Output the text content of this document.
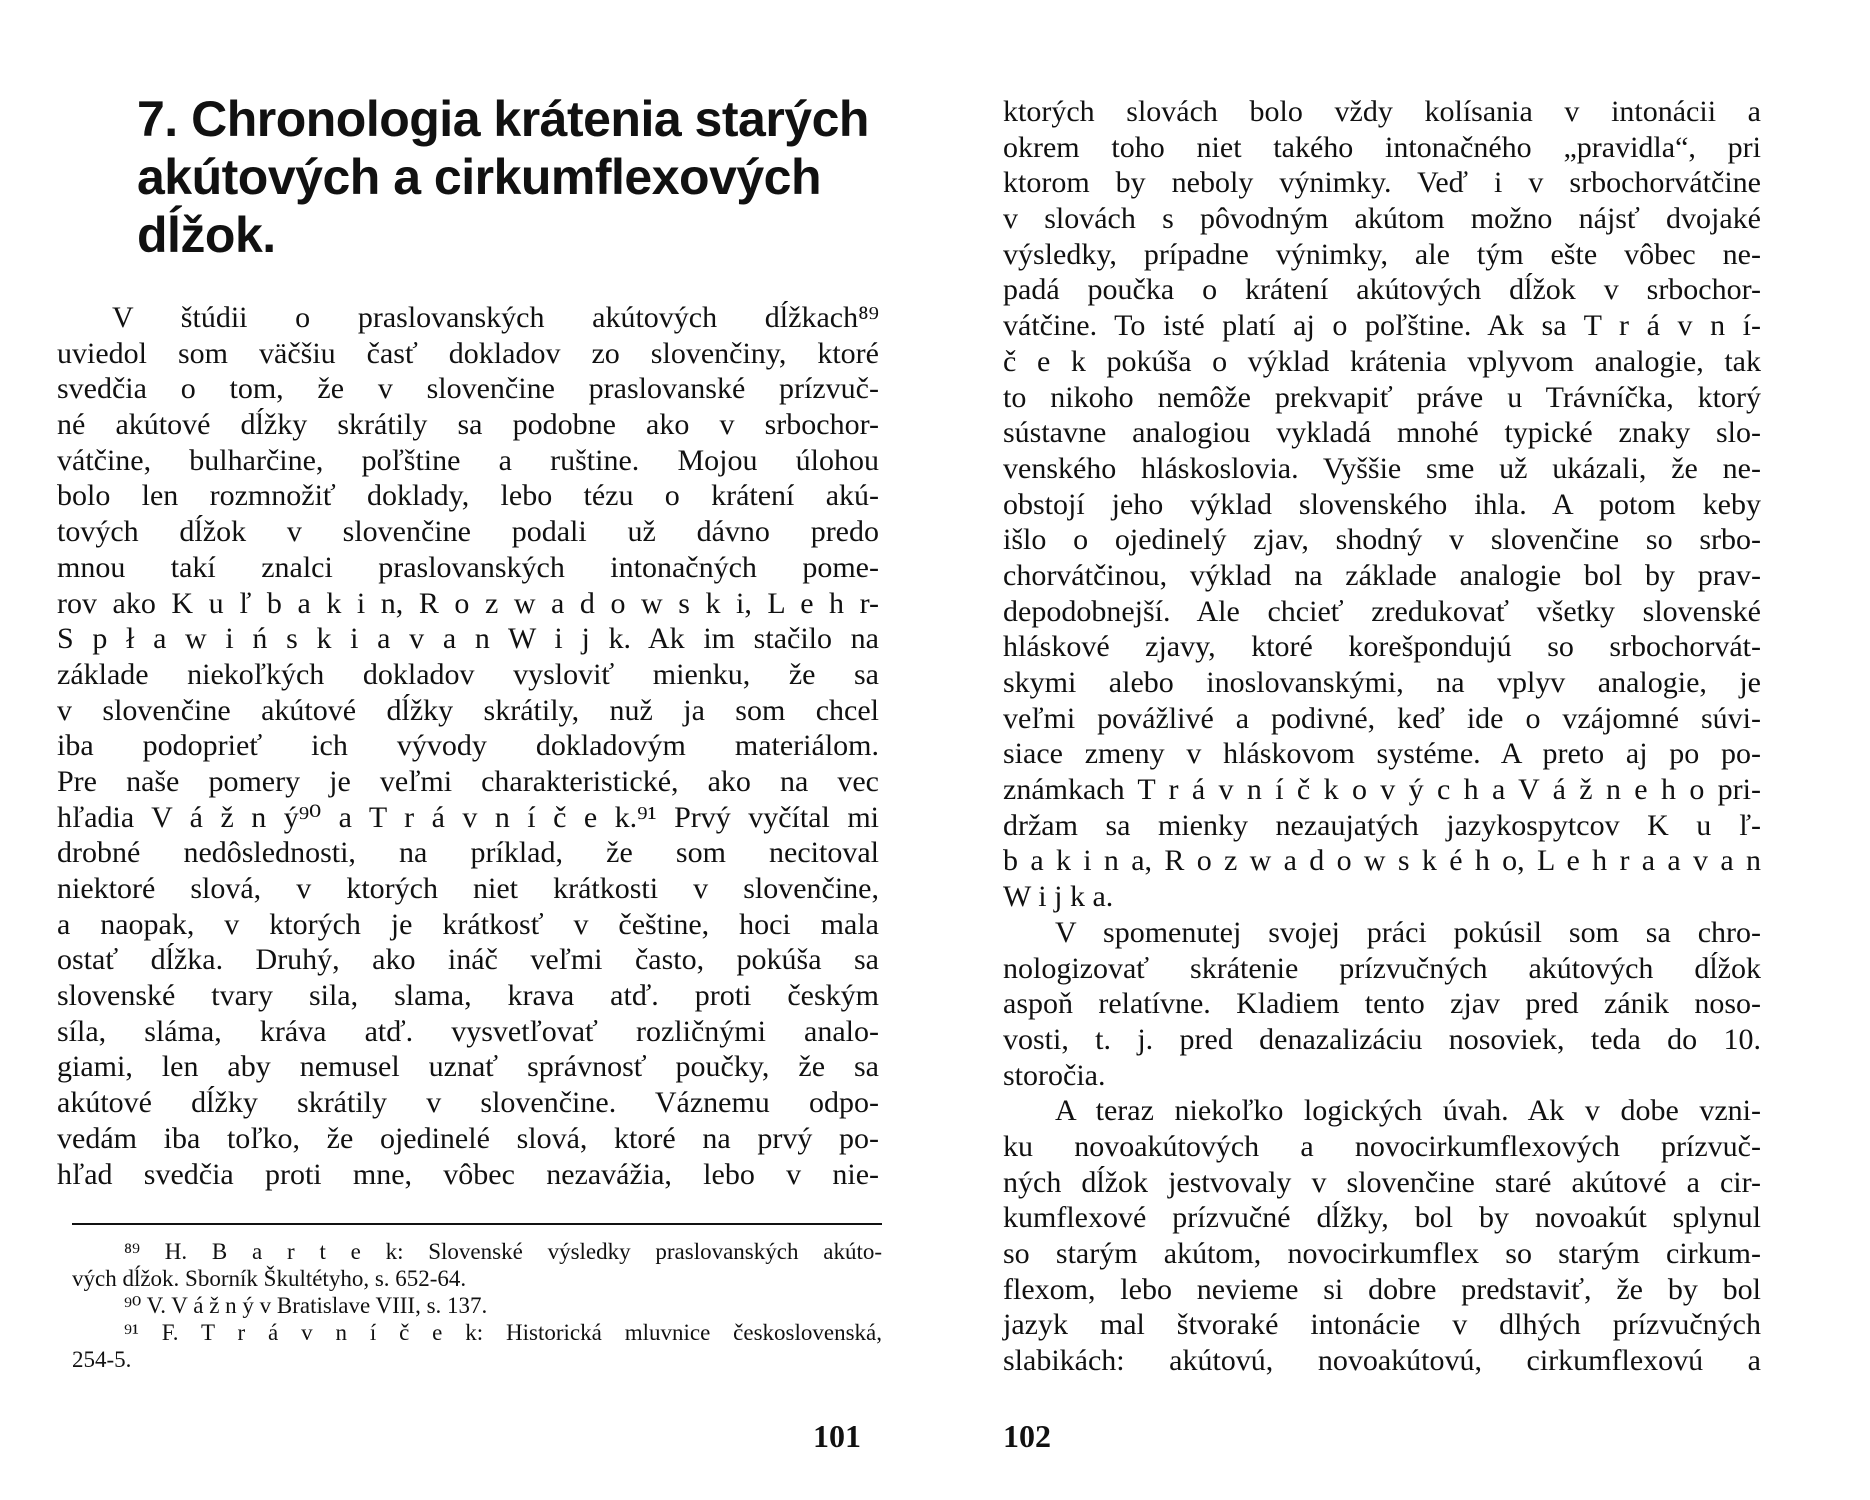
7. Chronologia krátenia starých akútových a cirkumflexových dĺžok.
V štúdii o praslovanských akútových dĺžkach⁸⁹
uviedol som väčšiu časť dokladov zo slovenčiny, ktoré
svedčia o tom, že v slovenčine praslovanské prízvuč-
né akútové dĺžky skrátily sa podobne ako v srbochor-
vátčine, bulharčine, poľštine a ruštine. Mojou úlohou
bolo len rozmnožiť doklady, lebo tézu o krátení akú-
tových dĺžok v slovenčine podali už dávno predo
mnou takí znalci praslovanských intonačných pome-
rov ako K u ľ b a k i n, R o z w a d o w s k i, L e h r-
S p ł a w i ń s k i a v a n W i j k. Ak im stačilo na
základe niekoľkých dokladov vysloviť mienku, že sa
v slovenčine akútové dĺžky skrátily, nuž ja som chcel
iba podoprieť ich vývody dokladovým materiálom.
Pre naše pomery je veľmi charakteristické, ako na vec
hľadia V á ž n ý⁹⁰ a T r á v n í č e k.⁹¹ Prvý vyčítal mi
drobné nedôslednosti, na príklad, že som necitoval
niektoré slová, v ktorých niet krátkosti v slovenčine,
a naopak, v ktorých je krátkosť v češtine, hoci mala
ostať dĺžka. Druhý, ako ináč veľmi často, pokúša sa
slovenské tvary sila, slama, krava atď. proti českým
síla, sláma, kráva atď. vysvetľovať rozličnými analo-
giami, len aby nemusel uznať správnosť poučky, že sa
akútové dĺžky skrátily v slovenčine. Váznemu odpo-
vedám iba toľko, že ojedinelé slová, ktoré na prvý po-
hľad svedčia proti mne, vôbec nezavážia, lebo v nie-
⁸⁹ H. B a r t e k: Slovenské výsledky praslovanských akúto-
vých dĺžok. Sborník Škultétyho, s. 652-64.
⁹⁰ V. V á ž n ý v Bratislave VIII, s. 137.
⁹¹ F. T r á v n í č e k: Historická mluvnice československá,
254-5.
101
ktorých slovách bolo vždy kolísania v intonácii a
okrem toho niet takého intonačného „pravidla“, pri
ktorom by neboly výnimky. Veď i v srbochorvátčine
v slovách s pôvodným akútom možno nájsť dvojaké
výsledky, prípadne výnimky, ale tým ešte vôbec ne-
padá poučka o krátení akútových dĺžok v srbochor-
vátčine. To isté platí aj o poľštine. Ak sa T r á v n í-
č e k pokúša o výklad krátenia vplyvom analogie, tak
to nikoho nemôže prekvapiť práve u Trávníčka, ktorý
sústavne analogiou vykladá mnohé typické znaky slo-
venského hláskoslovia. Vyššie sme už ukázali, že ne-
obstojí jeho výklad slovenského ihla. A potom keby
išlo o ojedinelý zjav, shodný v slovenčine so srbo-
chorvátčinou, výklad na základe analogie bol by prav-
depodobnejší. Ale chcieť zredukovať všetky slovenské
hláskové zjavy, ktoré korešpondujú so srbochorvát-
skymi alebo inoslovanskými, na vplyv analogie, je
veľmi povážlivé a podivné, keď ide o vzájomné súvi-
siace zmeny v hláskovom systéme. A preto aj po po-
známkach T r á v n í č k o v ý c h a V á ž n e h o pri-
držam sa mienky nezaujatých jazykospytcov K u ľ-
b a k i n a, R o z w a d o w s k é h o, L e h r a a v a n
W i j k a.
V spomenutej svojej práci pokúsil som sa chro-
nologizovať skrátenie prízvučných akútových dĺžok
aspoň relatívne. Kladiem tento zjav pred zánik noso-
vosti, t. j. pred denazalizáciu nosoviek, teda do 10.
storočia.
A teraz niekoľko logických úvah. Ak v dobe vzni-
ku novoakútových a novocirkumflexových prízvuč-
ných dĺžok jestvovaly v slovenčine staré akútové a cir-
kumflexové prízvučné dĺžky, bol by novoakút splynul
so starým akútom, novocirkumflex so starým cirkum-
flexom, lebo nevieme si dobre predstaviť, že by bol
jazyk mal štvoraké intonácie v dlhých prízvučných
slabikách: akútovú, novoakútovú, cirkumflexovú a
102
